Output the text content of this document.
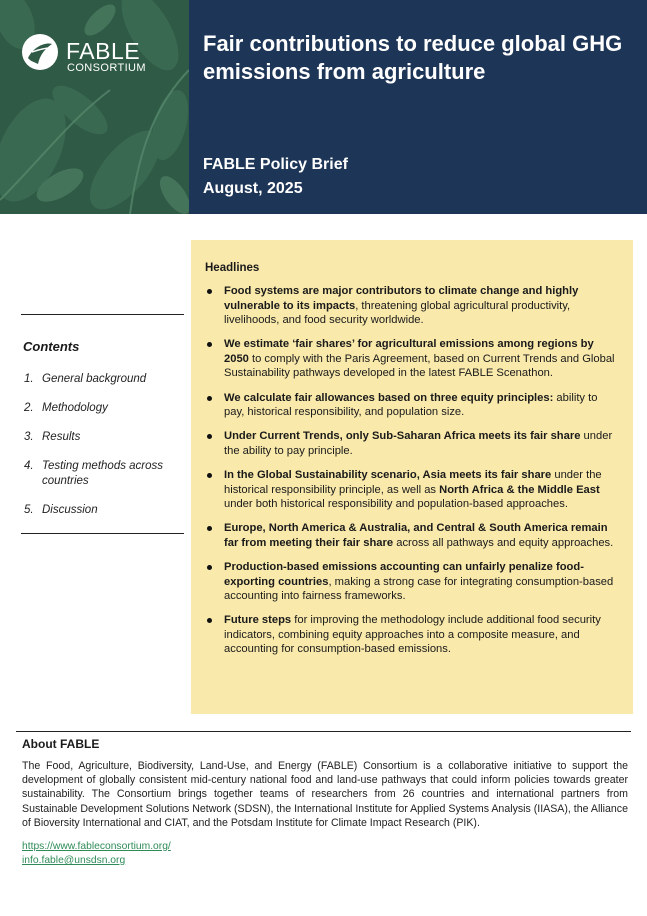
FABLE
CONSORTIUM
Fair contributions to reduce global GHG emissions from agriculture
FABLE Policy Brief
August, 2025
Contents
1. General background
2. Methodology
3. Results
4. Testing methods across countries
5. Discussion
Headlines
Food systems are major contributors to climate change and highly vulnerable to its impacts, threatening global agricultural productivity, livelihoods, and food security worldwide.
We estimate ‘fair shares’ for agricultural emissions among regions by 2050 to comply with the Paris Agreement, based on Current Trends and Global Sustainability pathways developed in the latest FABLE Scenathon.
We calculate fair allowances based on three equity principles: ability to pay, historical responsibility, and population size.
Under Current Trends, only Sub-Saharan Africa meets its fair share under the ability to pay principle.
In the Global Sustainability scenario, Asia meets its fair share under the historical responsibility principle, as well as North Africa & the Middle East under both historical responsibility and population-based approaches.
Europe, North America & Australia, and Central & South America remain far from meeting their fair share across all pathways and equity approaches.
Production-based emissions accounting can unfairly penalize food-exporting countries, making a strong case for integrating consumption-based accounting into fairness frameworks.
Future steps for improving the methodology include additional food security indicators, combining equity approaches into a composite measure, and accounting for consumption-based emissions.
About FABLE

The Food, Agriculture, Biodiversity, Land-Use, and Energy (FABLE) Consortium is a collaborative initiative to support the development of globally consistent mid-century national food and land-use pathways that could inform policies towards greater sustainability. The Consortium brings together teams of researchers from 26 countries and international partners from Sustainable Development Solutions Network (SDSN), the International Institute for Applied Systems Analysis (IIASA), the Alliance of Bioversity International and CIAT, and the Potsdam Institute for Climate Impact Research (PIK).

https://www.fableconsortium.org/
info.fable@unsdsn.org
